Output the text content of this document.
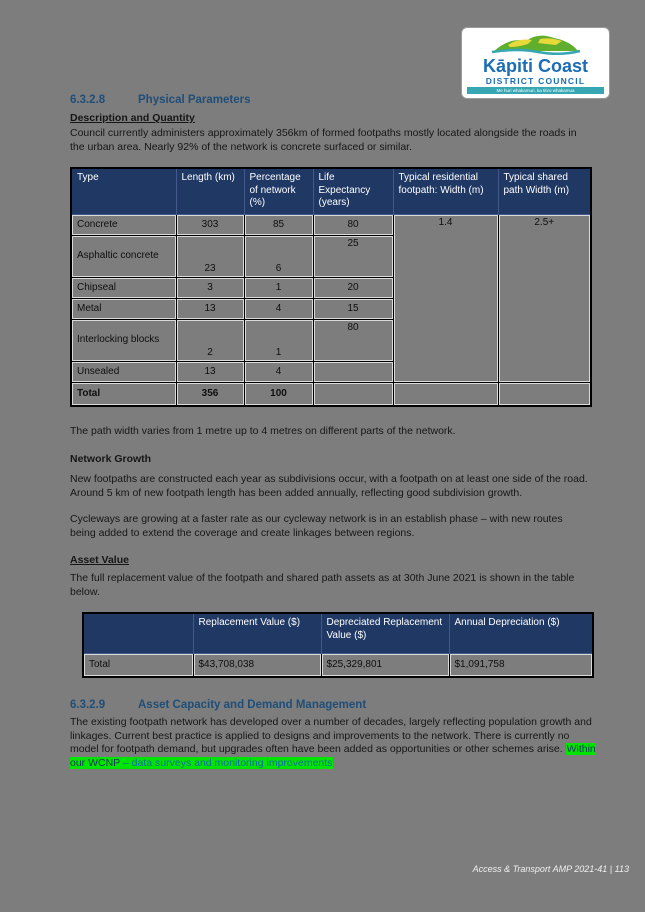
Kāpiti Coast
DISTRICT COUNCIL
Me huri whakamuri, ka titiro whakamua
6.3.2.8	Physical Parameters
Description and Quantity
Council currently administers approximately 356km of formed footpaths mostly located alongside the roads in the urban area. Nearly 92% of the network is concrete surfaced or similar.
Type	Length (km)	Percentage of network (%)	Life Expectancy (years)	Typical residential footpath: Width (m)	Typical shared path Width (m)
Concrete	303	85	80	1.4	2.5+
Asphaltic concrete	23	6	25		
Chipseal	3	1	20		
Metal	13	4	15		
Interlocking blocks	2	1	80		
Unsealed	13	4			
Total	356	100			
The path width varies from 1 metre up to 4 metres on different parts of the network.
Network Growth
New footpaths are constructed each year as subdivisions occur, with a footpath on at least one side of the road. Around 5 km of new footpath length has been added annually, reflecting good subdivision growth.
Cycleways are growing at a faster rate as our cycleway network is in an establish phase – with new routes being added to extend the coverage and create linkages between regions.
Asset Value
The full replacement value of the footpath and shared path assets as at 30th June 2021 is shown in the table below.
	Replacement Value ($)	Depreciated Replacement Value ($)	Annual Depreciation ($)
Total	$43,708,038	$25,329,801	$1,091,758
6.3.2.9	Asset Capacity and Demand Management
The existing footpath network has developed over a number of decades, largely reflecting population growth and linkages. Current best practice is applied to designs and improvements to the network. There is currently no model for footpath demand, but upgrades often have been added as opportunities or other schemes arise. Within our WCNP – data surveys and monitoring improvements
Access & Transport AMP 2021-41 | 113
